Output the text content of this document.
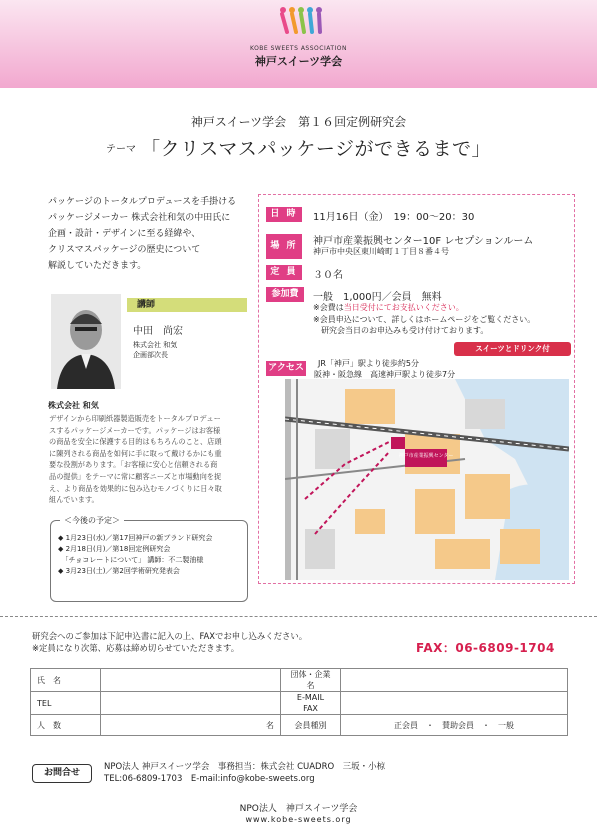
KOBE SWEETS ASSOCIATION
神戸スイーツ学会
神戸スイーツ学会　第１６回定例研究会
テーマ 「クリスマスパッケージができるまで」
パッケージのトータルプロデュースを手掛ける
パッケージメーカー 株式会社和気の中田氏に
企画・設計・デザインに至る経緯や、
クリスマスパッケージの歴史について
解説していただきます。
講師
中田　尚宏
株式会社 和気
企画部次長
株式会社 和気
デザインから印刷紙器製造販売をトータルプロデュー
スするパッケージメーカーです。パッケージはお客様
の商品を安全に保護する目的はもちろんのこと、店頭
に陳列される商品を如何に手に取って戴けるかにも重
要な役割があります。「お客様に安心と信頼される商
品の提供」をテーマに常に顧客ニーズと市場動向を捉
え、より商品を効果的に包み込むモノづくりに日々取
組んでいます。
＜今後の予定＞
◆ 1月23日(水)／第17回神戸の新ブランド研究会
◆ 2月18日(月)／第18回定例研究会
　「チョコレートについて」 講師：不二製油様
◆ 3月23日(土)／第2回学術研究発表会
日 時	11月16日（金）　19：00〜20：30
場 所	神戸市産業振興センター10F レセプションルーム
神戸市中央区東川崎町１丁目８番４号
定 員	３０名
参加費	一般　1,000円／会員　無料
※会費は当日受付にてお支払いください。
※会員申込について、詳しくはホームページをご覧ください。
　研究会当日のお申込みも受け付けております。
スイーツとドリンク付
アクセス JR「神戸」駅より徒歩約5分
阪神・阪急線　高速神戸駅より徒歩7分
神戸市産業振興センター
研究会へのご参加は下記申込書に記入の上、FAXでお申し込みください。
※定員になり次第、応募は締め切らせていただきます。	FAX：06-6809-1704
氏　名		団体・企業名	
TEL		E-MAIL
FAX	

人　数	名	会員種別	正会員　・　賛助会員　・　一般
お問合せ
NPO法人 神戸スイーツ学会　事務担当：株式会社 CUADRO　三坂・小椋
TEL:06-6809-1703　E-mail:info@kobe-sweets.org
NPO法人　神戸スイーツ学会
www.kobe-sweets.org
